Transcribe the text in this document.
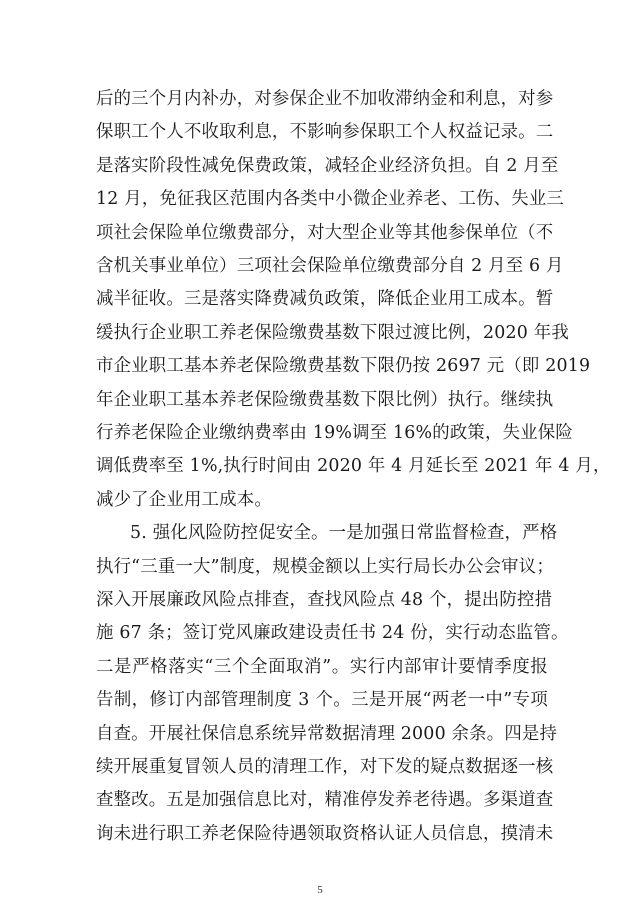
后的三个月内补办，对参保企业不加收滞纳金和利息，对参
保职工个人不收取利息，不影响参保职工个人权益记录。二
是落实阶段性减免保费政策，减轻企业经济负担。自 2 月至
12 月，免征我区范围内各类中小微企业养老、工伤、失业三
项社会保险单位缴费部分，对大型企业等其他参保单位（不
含机关事业单位）三项社会保险单位缴费部分自 2 月至 6 月
减半征收。三是落实降费减负政策，降低企业用工成本。暂
缓执行企业职工养老保险缴费基数下限过渡比例，2020 年我
市企业职工基本养老保险缴费基数下限仍按 2697 元（即 2019
年企业职工基本养老保险缴费基数下限比例）执行。继续执
行养老保险企业缴纳费率由 19%调至 16%的政策，失业保险
调低费率至 1%,执行时间由 2020 年 4 月延长至 2021 年 4 月，
减少了企业用工成本。
5. 强化风险防控促安全。一是加强日常监督检查，严格
执行“三重一大”制度，规模金额以上实行局长办公会审议；
深入开展廉政风险点排查，查找风险点 48 个，提出防控措
施 67 条；签订党风廉政建设责任书 24 份，实行动态监管。
二是严格落实“三个全面取消”。实行内部审计要情季度报
告制，修订内部管理制度 3 个。三是开展“两老一中”专项
自查。开展社保信息系统异常数据清理 2000 余条。四是持
续开展重复冒领人员的清理工作，对下发的疑点数据逐一核
查整改。五是加强信息比对，精准停发养老待遇。多渠道查
询未进行职工养老保险待遇领取资格认证人员信息，摸清未
5
